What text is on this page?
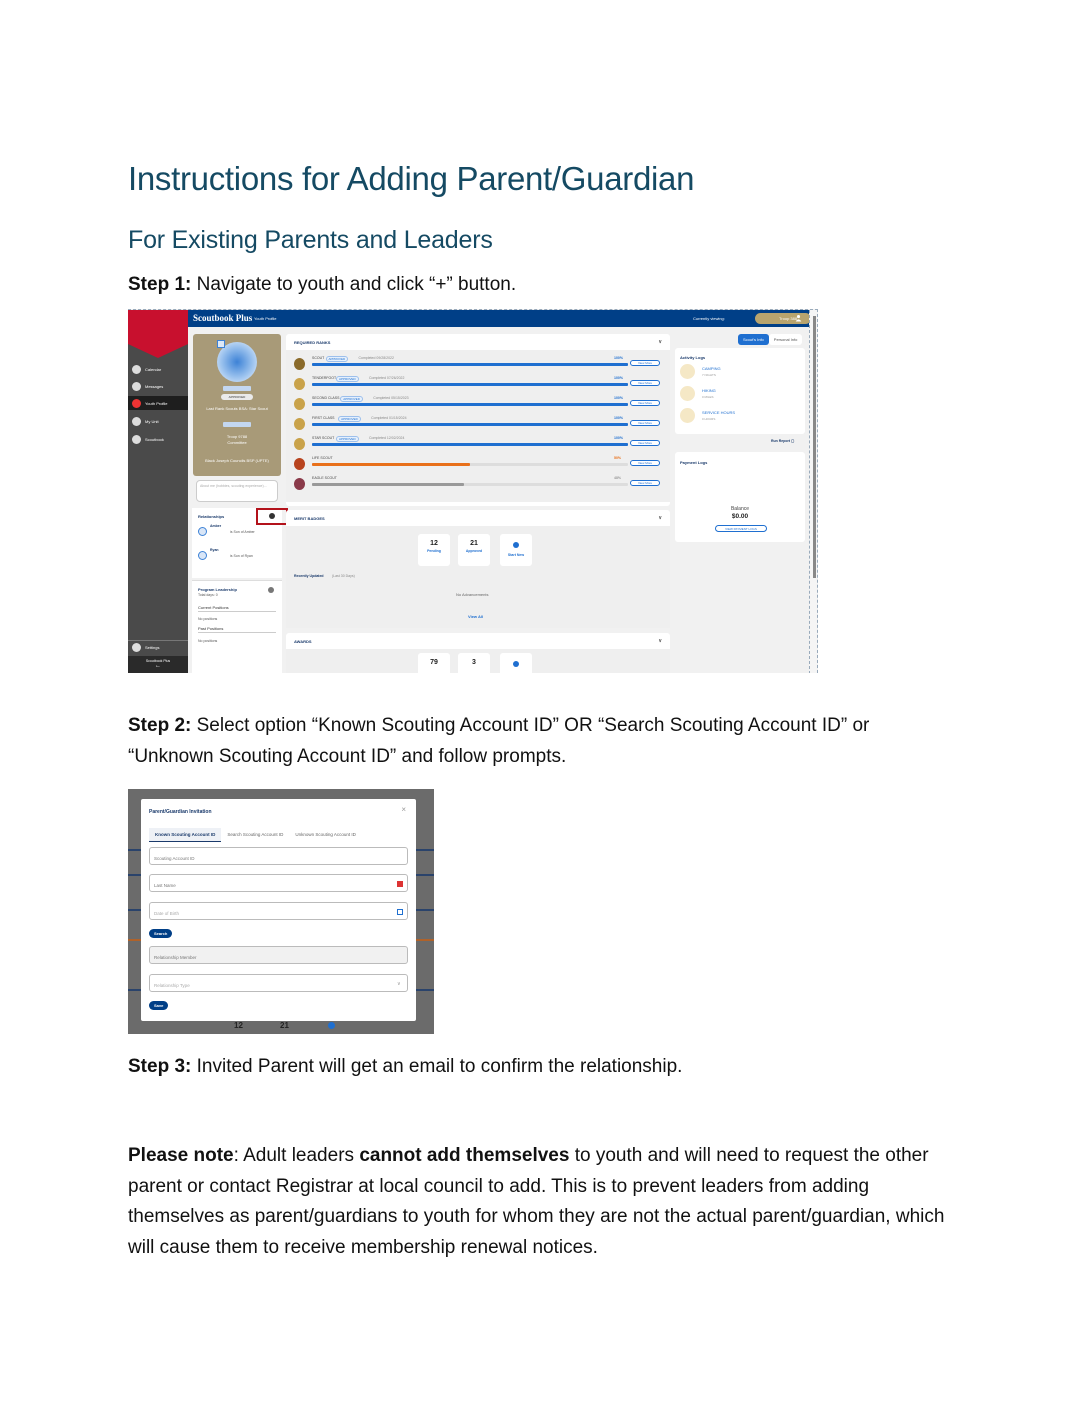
Instructions for Adding Parent/Guardian
For Existing Parents and Leaders

Step 1: Navigate to youth and click “+” button.

Calendar
Messages
Youth Profile
My Unit
Scoutbook
Settings
Scoutbook Plus
←
Scoutbook Plus Youth Profile	Currently viewing:	Troop 388
APPROVED
Last Rank Scouts BSA: Star Scout
Troop 9788
Committee
Black Joseph Councils BSP (UPTE)
About me (hobbies, scouting experience)...
Relationships
Amber
is Son of Amber
Ryan
is Son of Ryan
Program Leadership
Total days: 0
Current Positions
No positions
Past Positions
No positions
REQUIRED RANKS	∨
SCOUT	APPROVED	Completed 09/28/2022	100%
View More
TENDERFOOT APPROVED	Completed 07/26/2022	100%
View More
SECOND CLASS	APPROVED	Completed 05/15/2023	100%
View More
FIRST CLASS	APPROVED	Completed 01/15/2024	100%
View More
STAR SCOUT	APPROVED	Completed 12/02/2024	100%
View More
LIFE SCOUT	50%
View More
EAGLE SCOUT	48%
View More
MERIT BADGES	∨
12
Pending
21
Approved
Start New
Recently Updated (Last 30 Days)
No Advancements
View All
AWARDS	∨
79	3
Scout's Info	Personal Info
Activity Logs
CAMPING
7 NIGHTS
HIKING
0 MILES
SERVICE HOURS
0 HOURS
Run Report ▢
Payment Logs
Balance
$0.00
VIEW PAYMENT LOGS

Step 2: Select option “Known Scouting Account ID” OR “Search Scouting Account ID” or “Unknown Scouting Account ID” and follow prompts.

Parent/Guardian Invitation	×
Known Scouting Account ID	Search Scouting Account ID	Unknown Scouting Account ID
Scouting Account ID
Last Name
Date of Birth
Search
Relationship Member
Relationship Type	∨
Save
12	21

Step 3: Invited Parent will get an email to confirm the relationship.

Please note: Adult leaders cannot add themselves to youth and will need to request the other parent or contact Registrar at local council to add. This is to prevent leaders from adding themselves as parent/guardians to youth for whom they are not the actual parent/guardian, which will cause them to receive membership renewal notices.
